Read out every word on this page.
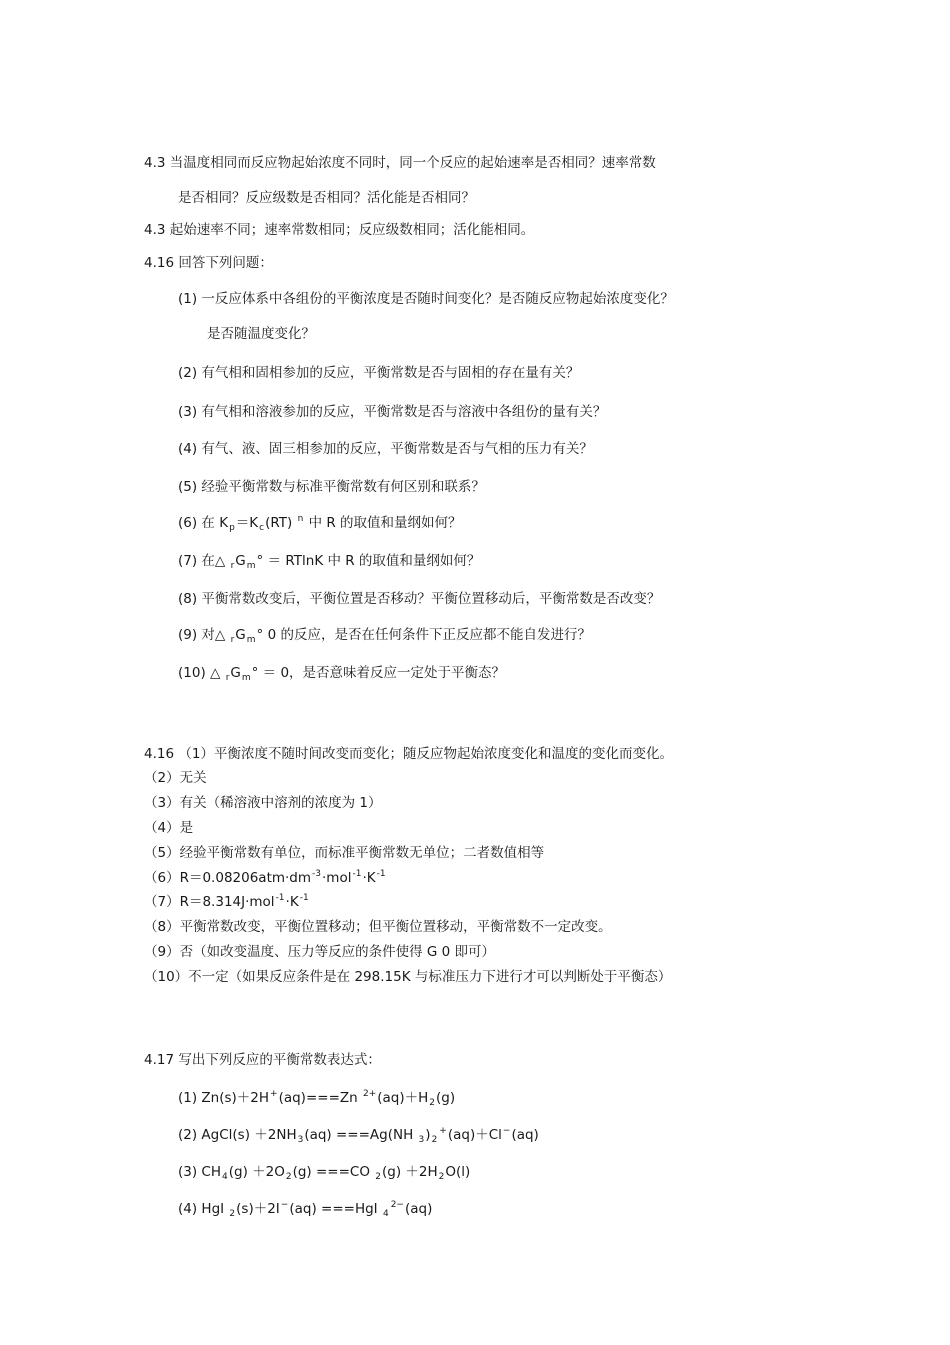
4.3 当温度相同而反应物起始浓度不同时，同一个反应的起始速率是否相同？速率常数
是否相同？反应级数是否相同？活化能是否相同？
4.3 起始速率不同；速率常数相同；反应级数相同；活化能相同。
4.16 回答下列问题：
(1) 一反应体系中各组份的平衡浓度是否随时间变化？是否随反应物起始浓度变化？
是否随温度变化？
(2) 有气相和固相参加的反应，平衡常数是否与固相的存在量有关？
(3) 有气相和溶液参加的反应，平衡常数是否与溶液中各组份的量有关？
(4) 有气、液、固三相参加的反应，平衡常数是否与气相的压力有关？
(5) 经验平衡常数与标准平衡常数有何区别和联系？
(6) 在 $K_p=K_c(RT)$ $^n$ 中 R 的取值和量纲如何？
(7) 在△ $_rG_m^\circ = RTlnK$ 中 R 的取值和量纲如何？
(8) 平衡常数改变后，平衡位置是否移动？平衡位置移动后，平衡常数是否改变？
(9) 对△ $_rG_m^\circ$ 0 的反应，是否在任何条件下正反应都不能自发进行？
(10) △ $_rG_m^\circ = 0$，是否意味着反应一定处于平衡态？
4.16 （1）平衡浓度不随时间改变而变化；随反应物起始浓度变化和温度的变化而变化。
（2）无关
（3）有关（稀溶液中溶剂的浓度为 1）
（4）是
（5）经验平衡常数有单位，而标准平衡常数无单位；二者数值相等
$(6)R=0.08206atm\cdot dm^{-3}\cdot mol^{-1}\cdot K^{-1}$
$(7)R=8.314J\cdot mol^{-1}\cdot K^{-1}$
（8）平衡常数改变，平衡位置移动；但平衡位置移动，平衡常数不一定改变。
（9）否（如改变温度、压力等反应的条件使得 G 0 即可）
（10）不一定（如果反应条件是在 298.15K 与标准压力下进行才可以判断处于平衡态）
4.17 写出下列反应的平衡常数表达式：
(1) Zn(s)＋2H+(aq)===Zn $^{2+}(aq)+H_2(g)$
(2) AgCl(s) $+2NH_3(aq) ===Ag(NH$ $_3)_2^+(aq)+Cl^-(aq)$
(3) $CH_4(g) +2O_2(g) ===CO$ $_2(g) +2H_2O(l)$
(4) HgI $_2$(s)＋2I−(aq) ===HgI $_4^{2-}$(aq)
